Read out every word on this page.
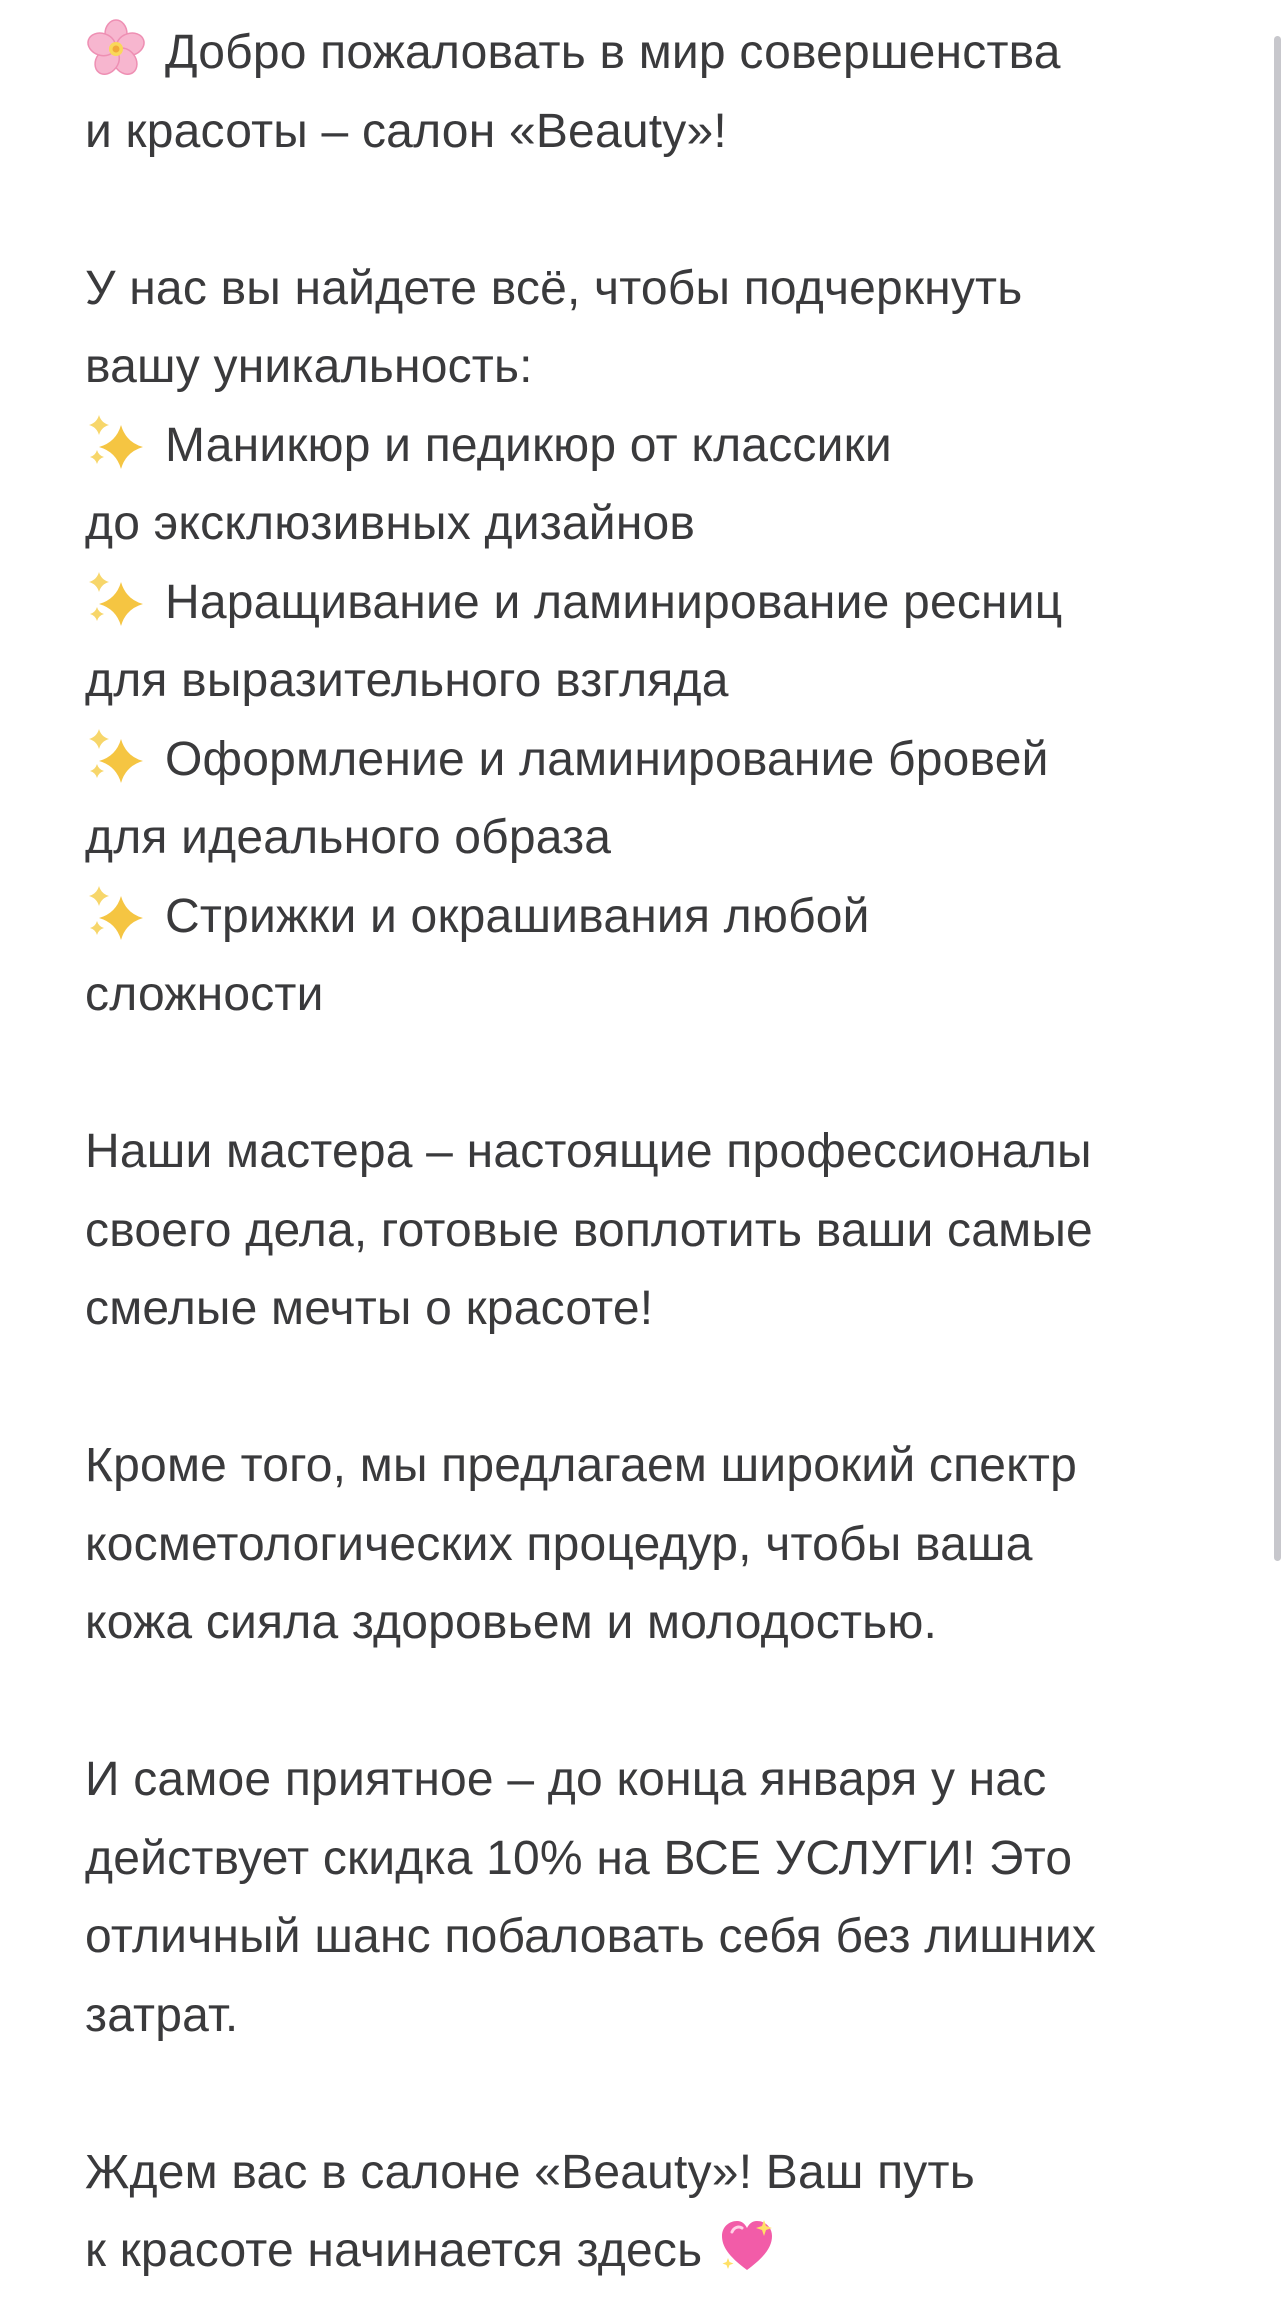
Добро пожаловать в мир совершенства
и красоты – салон «Beauty»!
У нас вы найдете всё, чтобы подчеркнуть
вашу уникальность:
Маникюр и педикюр от классики
до эксклюзивных дизайнов
Наращивание и ламинирование ресниц
для выразительного взгляда
Оформление и ламинирование бровей
для идеального образа
Стрижки и окрашивания любой
сложности
Наши мастера – настоящие профессионалы
своего дела, готовые воплотить ваши самые
смелые мечты о красоте!
Кроме того, мы предлагаем широкий спектр
косметологических процедур, чтобы ваша
кожа сияла здоровьем и молодостью.
И самое приятное – до конца января у нас
действует скидка 10% на ВСЕ УСЛУГИ! Это
отличный шанс побаловать себя без лишних
затрат.
Ждем вас в салоне «Beauty»! Ваш путь
к красоте начинается здесь
